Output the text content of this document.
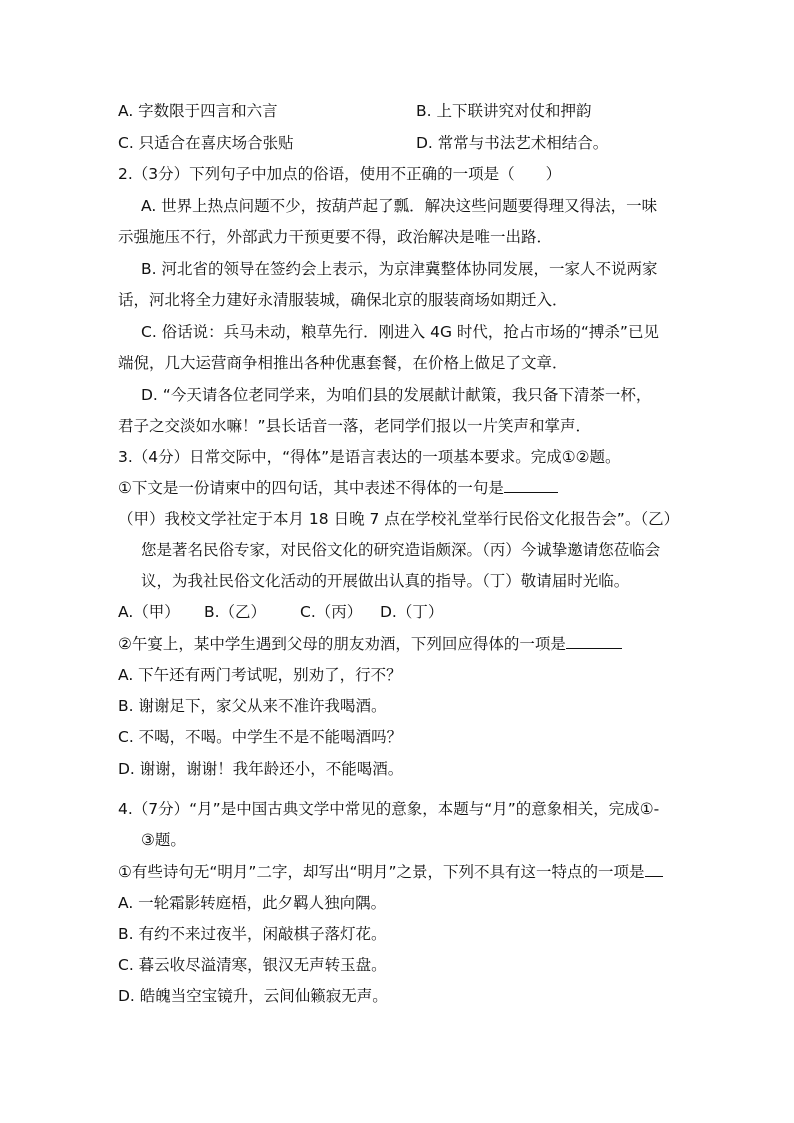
A. 字数限于四言和六言	B. 上下联讲究对仗和押韵
C. 只适合在喜庆场合张贴	D. 常常与书法艺术相结合。
2.（3分）下列句子中加点的俗语，使用不正确的一项是（　　）
A. 世界上热点问题不少，按葫芦起了瓢．解决这些问题要得理又得法，一味
示强施压不行，外部武力干预更要不得，政治解决是唯一出路．
B. 河北省的领导在签约会上表示，为京津冀整体协同发展，一家人不说两家
话，河北将全力建好永清服装城，确保北京的服装商场如期迁入．
C. 俗话说：兵马未动，粮草先行．刚进入 4G 时代，抢占市场的“搏杀”已见
端倪，几大运营商争相推出各种优惠套餐，在价格上做足了文章．
D. “今天请各位老同学来，为咱们县的发展献计献策，我只备下清茶一杯，
君子之交淡如水嘛！”县长话音一落，老同学们报以一片笑声和掌声．
3.（4分）日常交际中，“得体”是语言表达的一项基本要求。完成①②题。
①下文是一份请柬中的四句话，其中表述不得体的一句是
（甲）我校文学社定于本月 18 日晚 7 点在学校礼堂举行民俗文化报告会”。（乙）
您是著名民俗专家，对民俗文化的研究造诣颇深。（丙）今诚挚邀请您莅临会
议，为我社民俗文化活动的开展做出认真的指导。（丁）敬请届时光临。
A.（甲） B.（乙） C.（丙） D.（丁）
②午宴上，某中学生遇到父母的朋友劝酒，下列回应得体的一项是
A. 下午还有两门考试呢，别劝了，行不？
B. 谢谢足下，家父从来不准许我喝酒。
C. 不喝，不喝。中学生不是不能喝酒吗？
D. 谢谢，谢谢！我年龄还小，不能喝酒。
4.（7分）“月”是中国古典文学中常见的意象，本题与“月”的意象相关，完成①-
③题。
①有些诗句无“明月”二字，却写出“明月”之景，下列不具有这一特点的一项是
A. 一轮霜影转庭梧，此夕羁人独向隅。
B. 有约不来过夜半，闲敲棋子落灯花。
C. 暮云收尽溢清寒，银汉无声转玉盘。
D. 皓魄当空宝镜升，云间仙籁寂无声。
